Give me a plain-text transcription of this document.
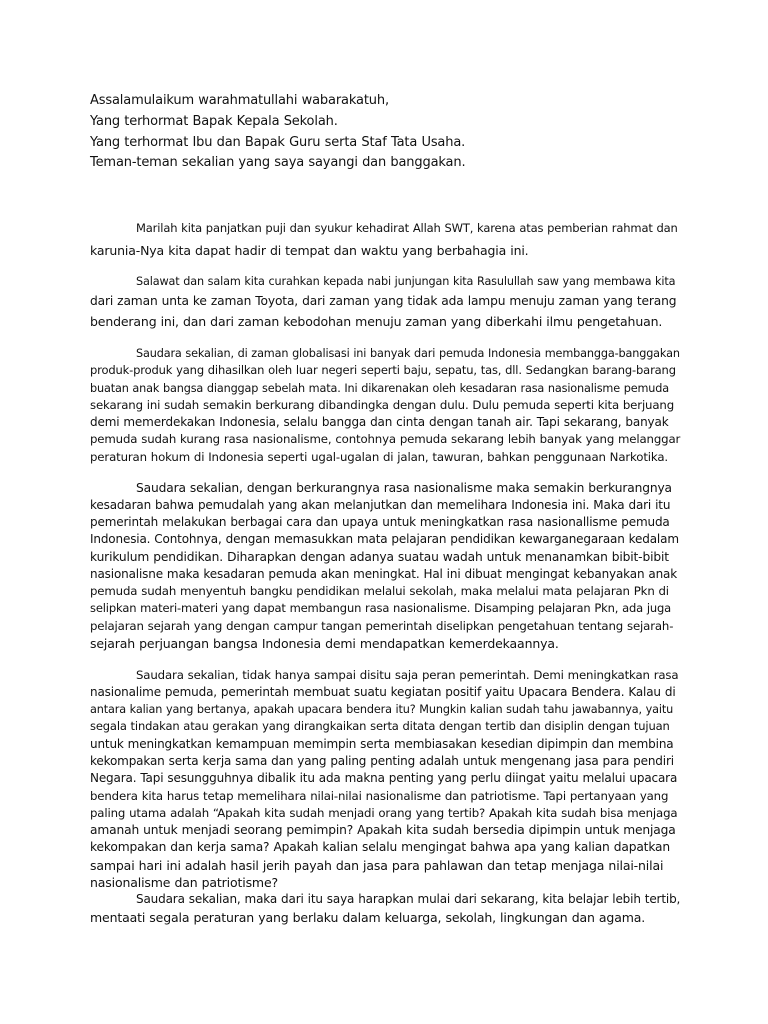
Assalamulaikum warahmatullahi wabarakatuh,
Yang terhormat Bapak Kepala Sekolah.
Yang terhormat Ibu dan Bapak Guru serta Staf Tata Usaha.
Teman-teman sekalian yang saya sayangi dan banggakan.
Marilah kita panjatkan puji dan syukur kehadirat Allah SWT, karena atas pemberian rahmat dan
karunia-Nya kita dapat hadir di tempat dan waktu yang berbahagia ini.
Salawat dan salam kita curahkan kepada nabi junjungan kita Rasulullah saw yang membawa kita
dari zaman unta ke zaman Toyota, dari zaman yang tidak ada lampu menuju zaman yang terang
benderang ini, dan dari zaman kebodohan menuju zaman yang diberkahi ilmu pengetahuan.
Saudara sekalian, di zaman globalisasi ini banyak dari pemuda Indonesia membangga-banggakan
produk-produk yang dihasilkan oleh luar negeri seperti baju, sepatu, tas, dll. Sedangkan barang-barang
buatan anak bangsa dianggap sebelah mata. Ini dikarenakan oleh kesadaran rasa nasionalisme pemuda
sekarang ini sudah semakin berkurang dibandingka dengan dulu. Dulu pemuda seperti kita berjuang
demi memerdekakan Indonesia, selalu bangga dan cinta dengan tanah air. Tapi sekarang, banyak
pemuda sudah kurang rasa nasionalisme, contohnya pemuda sekarang lebih banyak yang melanggar
peraturan hokum di Indonesia seperti ugal-ugalan di jalan, tawuran, bahkan penggunaan Narkotika.
Saudara sekalian, dengan berkurangnya rasa nasionalisme maka semakin berkurangnya
kesadaran bahwa pemudalah yang akan melanjutkan dan memelihara Indonesia ini. Maka dari itu
pemerintah melakukan berbagai cara dan upaya untuk meningkatkan rasa nasionallisme pemuda
Indonesia. Contohnya, dengan memasukkan mata pelajaran pendidikan kewarganegaraan kedalam
kurikulum pendidikan. Diharapkan dengan adanya suatau wadah untuk menanamkan bibit-bibit
nasionalisne maka kesadaran pemuda akan meningkat. Hal ini dibuat mengingat kebanyakan anak
pemuda sudah menyentuh bangku pendidikan melalui sekolah, maka melalui mata pelajaran Pkn di
selipkan materi-materi yang dapat membangun rasa nasionalisme. Disamping pelajaran Pkn, ada juga
pelajaran sejarah yang dengan campur tangan pemerintah diselipkan pengetahuan tentang sejarah-
sejarah perjuangan bangsa Indonesia demi mendapatkan kemerdekaannya.
Saudara sekalian, tidak hanya sampai disitu saja peran pemerintah. Demi meningkatkan rasa
nasionalime pemuda, pemerintah membuat suatu kegiatan positif yaitu Upacara Bendera. Kalau di
antara kalian yang bertanya, apakah upacara bendera itu? Mungkin kalian sudah tahu jawabannya, yaitu
segala tindakan atau gerakan yang dirangkaikan serta ditata dengan tertib dan disiplin dengan tujuan
untuk meningkatkan kemampuan memimpin serta membiasakan kesedian dipimpin dan membina
kekompakan serta kerja sama dan yang paling penting adalah untuk mengenang jasa para pendiri
Negara. Tapi sesungguhnya dibalik itu ada makna penting yang perlu diingat yaitu melalui upacara
bendera kita harus tetap memelihara nilai-nilai nasionalisme dan patriotisme. Tapi pertanyaan yang
paling utama adalah “Apakah kita sudah menjadi orang yang tertib? Apakah kita sudah bisa menjaga
amanah untuk menjadi seorang pemimpin? Apakah kita sudah bersedia dipimpin untuk menjaga
kekompakan dan kerja sama? Apakah kalian selalu mengingat bahwa apa yang kalian dapatkan
sampai hari ini adalah hasil jerih payah dan jasa para pahlawan dan tetap menjaga nilai-nilai
nasionalisme dan patriotisme?
Saudara sekalian, maka dari itu saya harapkan mulai dari sekarang, kita belajar lebih tertib,
mentaati segala peraturan yang berlaku dalam keluarga, sekolah, lingkungan dan agama.
